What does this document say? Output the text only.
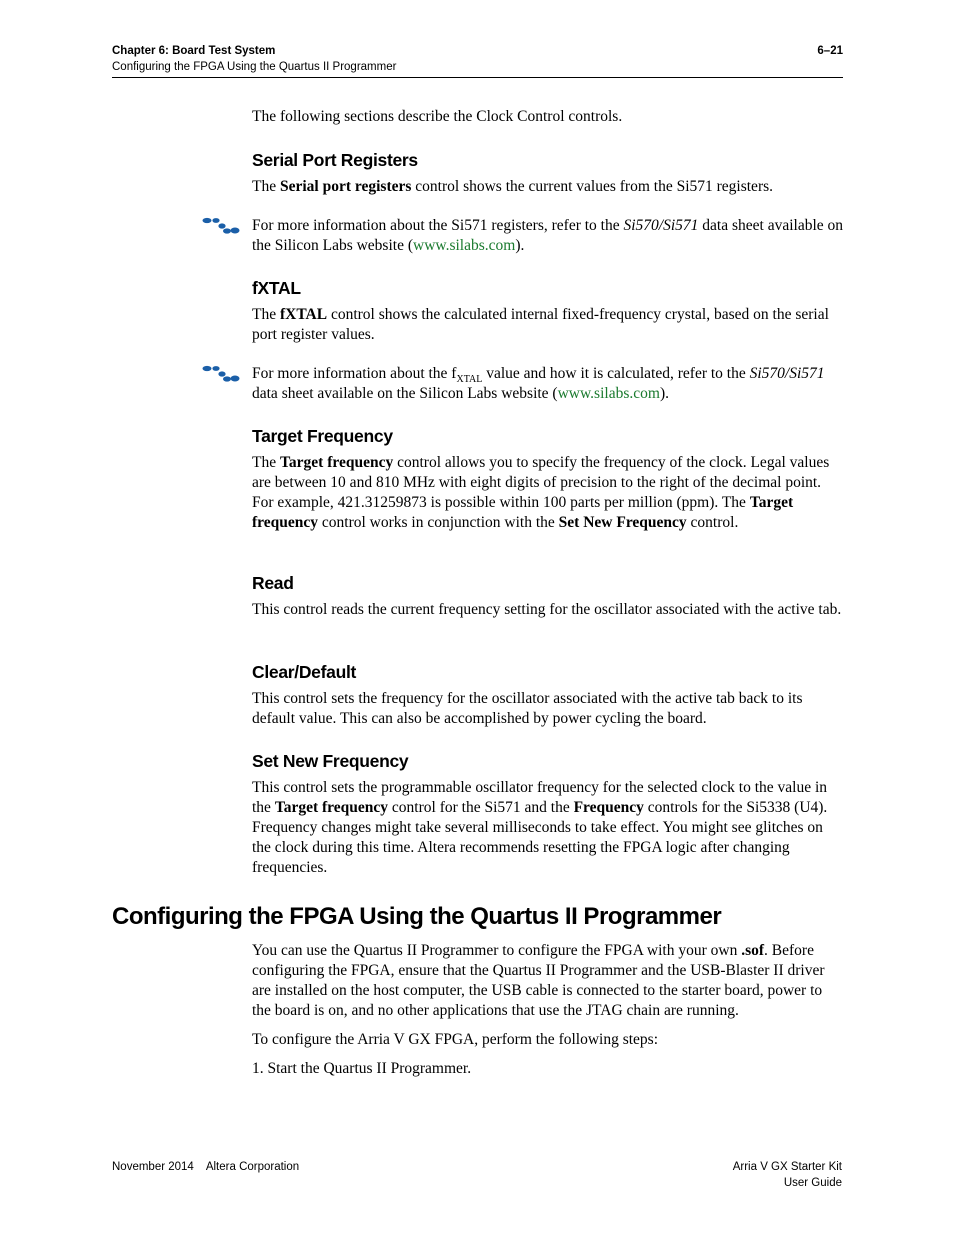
Chapter 6: Board Test System
Configuring the FPGA Using the Quartus II Programmer
6–21

The following sections describe the Clock Control controls.

Serial Port Registers

The Serial port registers control shows the current values from the Si571 registers.

For more information about the Si571 registers, refer to the Si570/Si571 data sheet available on the Silicon Labs website (www.silabs.com).

fXTAL

The fXTAL control shows the calculated internal fixed-frequency crystal, based on the serial port register values.

For more information about the $f_{XTAL}$ value and how it is calculated, refer to the Si570/Si571 data sheet available on the Silicon Labs website (www.silabs.com).

Target Frequency

The Target frequency control allows you to specify the frequency of the clock. Legal values are between 10 and 810 MHz with eight digits of precision to the right of the decimal point. For example, 421.31259873 is possible within 100 parts per million (ppm). The Target frequency control works in conjunction with the Set New Frequency control.

Read

This control reads the current frequency setting for the oscillator associated with the active tab.

Clear/Default

This control sets the frequency for the oscillator associated with the active tab back to its default value. This can also be accomplished by power cycling the board.

Set New Frequency

This control sets the programmable oscillator frequency for the selected clock to the value in the Target frequency control for the Si571 and the Frequency controls for the Si5338 (U4). Frequency changes might take several milliseconds to take effect. You might see glitches on the clock during this time. Altera recommends resetting the FPGA logic after changing frequencies.

Configuring the FPGA Using the Quartus II Programmer

You can use the Quartus II Programmer to configure the FPGA with your own .sof. Before configuring the FPGA, ensure that the Quartus II Programmer and the USB-Blaster II driver are installed on the host computer, the USB cable is connected to the starter board, power to the board is on, and no other applications that use the JTAG chain are running.

To configure the Arria V GX FPGA, perform the following steps:

1. Start the Quartus II Programmer.

November 2014 Altera Corporation	Arria V GX Starter Kit
User Guide
